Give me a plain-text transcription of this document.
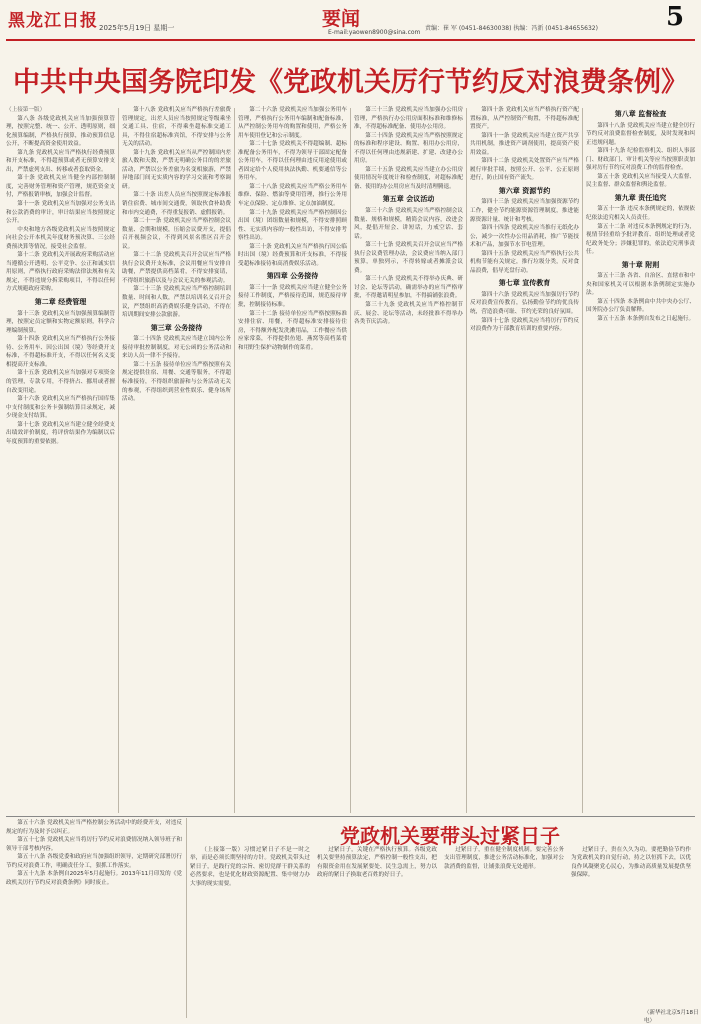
黑龙江日报 2025年5月19日 星期一	要闻
E-mail:yaowen8900@sina.com
责编：崔 军 (0451-84630038) 执编：冯新 (0451-84655632)	5
中共中央国务院印发《党政机关厉行节约反对浪费条例》

（上接第一版）

第八条 各级党政机关应当加强预算管理，按照完整、统一、公开、透明原则，细化预算编制，严格执行预算，推动预算信息公开，不断提高资金使用效益。

第九条 党政机关应当严格执行经费预算和开支标准，不得超预算或者无预算安排支出，严禁虚列支出、转移或者套取资金。

第十条 党政机关应当健全内部控制制度，完善财务管理和资产管理，规范资金支付，严格报销审核，加强会计监督。

第十一条 党政机关应当加强对公务支出和公款消费的审计，审计结果应当按照规定公开。

中央和地方各级党政机关应当按照规定向社会公开本机关年度财务预决算、三公经费预决算等情况，接受社会监督。

第十二条 党政机关开展政府采购活动应当遵循公开透明、公平竞争、公正和诚实信用原则，严格执行政府采购法律法规和有关规定，不得违规分拆采购项目，不得以任何方式规避政府采购。

第二章 经费管理

第十三条 党政机关应当加强预算编制管理，按照定员定额和实物定额原则，科学合理编制预算。

第十四条 党政机关应当严格执行公务接待、公务用车、因公出国（境）等经费开支标准，不得超标准开支，不得以任何名义变相提高开支标准。

第十五条 党政机关应当加强对专项资金的管理，专款专用，不得挤占、挪用或者擅自改变用途。

第十六条 党政机关应当严格执行国库集中支付制度和公务卡强制结算目录规定，减少现金支付结算。

第十七条 党政机关应当建立健全经费支出绩效评价制度，将评价结果作为编制以后年度预算的重要依据。

第十八条 党政机关应当严格执行差旅费管理规定，出差人员应当按照规定等级乘坐交通工具、住宿，不得乘坐超标准交通工具，不得住宿超标准宾馆，不得安排与公务无关的活动。

第十九条 党政机关应当从严控制国内差旅人数和天数，严禁无明确公务目的的差旅活动，严禁以公务差旅为名变相旅游，严禁异地部门间无实质内容的学习交流和考察调研。

第二十条 出差人员应当按照规定标准报销住宿费、城市间交通费，领取伙食补助费和市内交通费，不得重复报销、虚假报销。

第二十一条 党政机关应当严格控制会议数量、会期和规模，压缩会议费开支，提倡召开视频会议，不得到风景名胜区召开会议。

第二十二条 党政机关召开会议应当严格执行会议费开支标准，会议用餐应当安排自助餐，严禁提供高档菜肴，不得安排宴请，不得组织旅游以及与会议无关的参观活动。

第二十三条 党政机关应当严格控制培训数量、时间和人数，严禁以培训名义召开会议，严禁组织高消费娱乐健身活动，不得在培训期间安排公款旅游。

第三章 公务接待

第二十四条 党政机关应当建立国内公务接待审批控制制度，对无公函的公务活动和来访人员一律不予接待。

第二十五条 接待单位应当严格按照有关规定提供住宿、用餐、交通等服务，不得超标准接待，不得组织旅游和与公务活动无关的参观，不得组织到营业性娱乐、健身场所活动。

第二十六条 党政机关应当加强公务用车管理，严格执行公务用车编制和配备标准，从严控制公务用车的购置和使用，严格公务用车使用登记和公示制度。

第二十七条 党政机关不得超编制、超标准配备公务用车，不得为领导干部固定配备公务用车，不得以任何理由违反用途使用或者固定给个人使用执法执勤、机要通信等公务用车。

第二十八条 党政机关应当严格公务用车维修、保险、燃油等费用管理，推行公务用车定点保险、定点维修、定点加油制度。

第二十九条 党政机关应当严格控制因公出国（境）团组数量和规模，不得安排照顾性、无实质内容的一般性出访，不得安排考察性出访。

第三十条 党政机关应当严格执行因公临时出国（境）经费预算和开支标准，不得接受超标准接待和高消费娱乐活动。

第四章 公务接待

第三十一条 党政机关应当建立健全公务接待工作制度，严格接待范围，规范接待审批，控制接待标准。

第三十二条 接待单位应当严格按照标准安排住宿、用餐，不得超标准安排接待住房，不得额外配发洗漱用品，工作餐应当供应家常菜，不得提供鱼翅、燕窝等高档菜肴和用野生保护动物制作的菜肴。

第三十三条 党政机关应当加强办公用房管理，严格执行办公用房面积标准和维修标准，不得超标准配备、使用办公用房。

第三十四条 党政机关应当严格按照规定的标准和程序建设、购置、租用办公用房，不得以任何理由违规新建、扩建、改建办公用房。

第三十五条 党政机关应当建立办公用房使用情况年度统计和检查制度，对超标准配备、使用的办公用房应当及时清理腾退。

第五章 会议活动

第三十六条 党政机关应当严格控制会议数量、规格和规模，精简会议内容，改进会风，提倡开短会、讲短话，力戒空话、套话。

第三十七条 党政机关召开会议应当严格执行会议费管理办法，会议费应当纳入部门预算，单独列示，不得转嫁或者摊派会议费。

第三十八条 党政机关不得举办庆典、研讨会、论坛等活动，确需举办的应当严格审批，不得邀请明星参加，不得搞铺张浪费。

第三十九条 党政机关应当严格控制节庆、展会、论坛等活动，未经批准不得举办各类节庆活动。

第四十条 党政机关应当严格执行资产配置标准，从严控制资产购置，不得超标准配置资产。

第四十一条 党政机关应当建立资产共享共用机制，推进资产调剂使用，提高资产使用效益。

第四十二条 党政机关处置资产应当严格履行审批手续，按照公开、公平、公正原则进行，防止国有资产流失。

第六章 资源节约

第四十三条 党政机关应当加强资源节约工作，健全节约能源资源管理制度，推进能源资源计量、统计和考核。

第四十四条 党政机关应当推行无纸化办公，减少一次性办公用品消耗，推广节能技术和产品，加强节水节电管理。

第四十五条 党政机关应当严格执行公共机构节能有关规定，推行垃圾分类，反对食品浪费，倡导光盘行动。

第七章 宣传教育

第四十六条 党政机关应当加强厉行节约反对浪费宣传教育，弘扬勤俭节约的优良传统，营造浪费可耻、节约光荣的良好氛围。

第四十七条 党政机关应当将厉行节约反对浪费作为干部教育培训的重要内容。

第八章 监督检查

第四十八条 党政机关应当建立健全厉行节约反对浪费监督检查制度，及时发现和纠正违规问题。

第四十九条 纪检监察机关、组织人事部门、财政部门、审计机关等应当按照职责加强对厉行节约反对浪费工作的监督检查。

第五十条 党政机关应当接受人大监督、民主监督、群众监督和舆论监督。

第九章 责任追究

第五十一条 违反本条例规定的，依规依纪依法追究相关人员责任。

第五十二条 对违反本条例规定的行为，视情节轻重给予批评教育、组织处理或者党纪政务处分；涉嫌犯罪的，依法追究刑事责任。

第十章 附则

第五十三条 各省、自治区、直辖市和中央和国家机关可以根据本条例制定实施办法。

第五十四条 本条例由中共中央办公厅、国务院办公厅负责解释。

第五十五条 本条例自发布之日起施行。

第五十六条 党政机关应当严格控制公务活动中的经费开支，对违反规定的行为及时予以纠正。

第五十七条 党政机关应当将厉行节约反对浪费情况纳入领导班子和领导干部考核内容。

第五十八条 各级党委和政府应当加强组织领导，定期研究部署厉行节约反对浪费工作，明确责任分工，狠抓工作落实。

第五十九条 本条例自2025年5月起施行。2013年11月印发的《党政机关厉行节约反对浪费条例》同时废止。

党政机关要带头过紧日子

（上接第一版）习惯过紧日子不是一时之举，而是必须长期坚持的方针。党政机关带头过紧日子，是践行党的宗旨、密切党群干群关系的必然要求，也是优化财政资源配置、集中财力办大事的现实需要。

过紧日子，关键在严格执行预算。各级党政机关要坚持预算法定，严格控制一般性支出，把有限资金用在发展紧要处、民生急需上，努力以政府的紧日子换取老百姓的好日子。

过紧日子，重在健全制度机制。要完善公务支出管理制度，推进公务活动标准化，加强对公款消费的监督，让铺张浪费无处遁形。

过紧日子，贵在久久为功。要把勤俭节约作为党政机关的自觉行动，持之以恒抓下去，以优良作风凝聚党心民心，为推动高质量发展提供坚强保障。

（新华社北京5月18日电）
